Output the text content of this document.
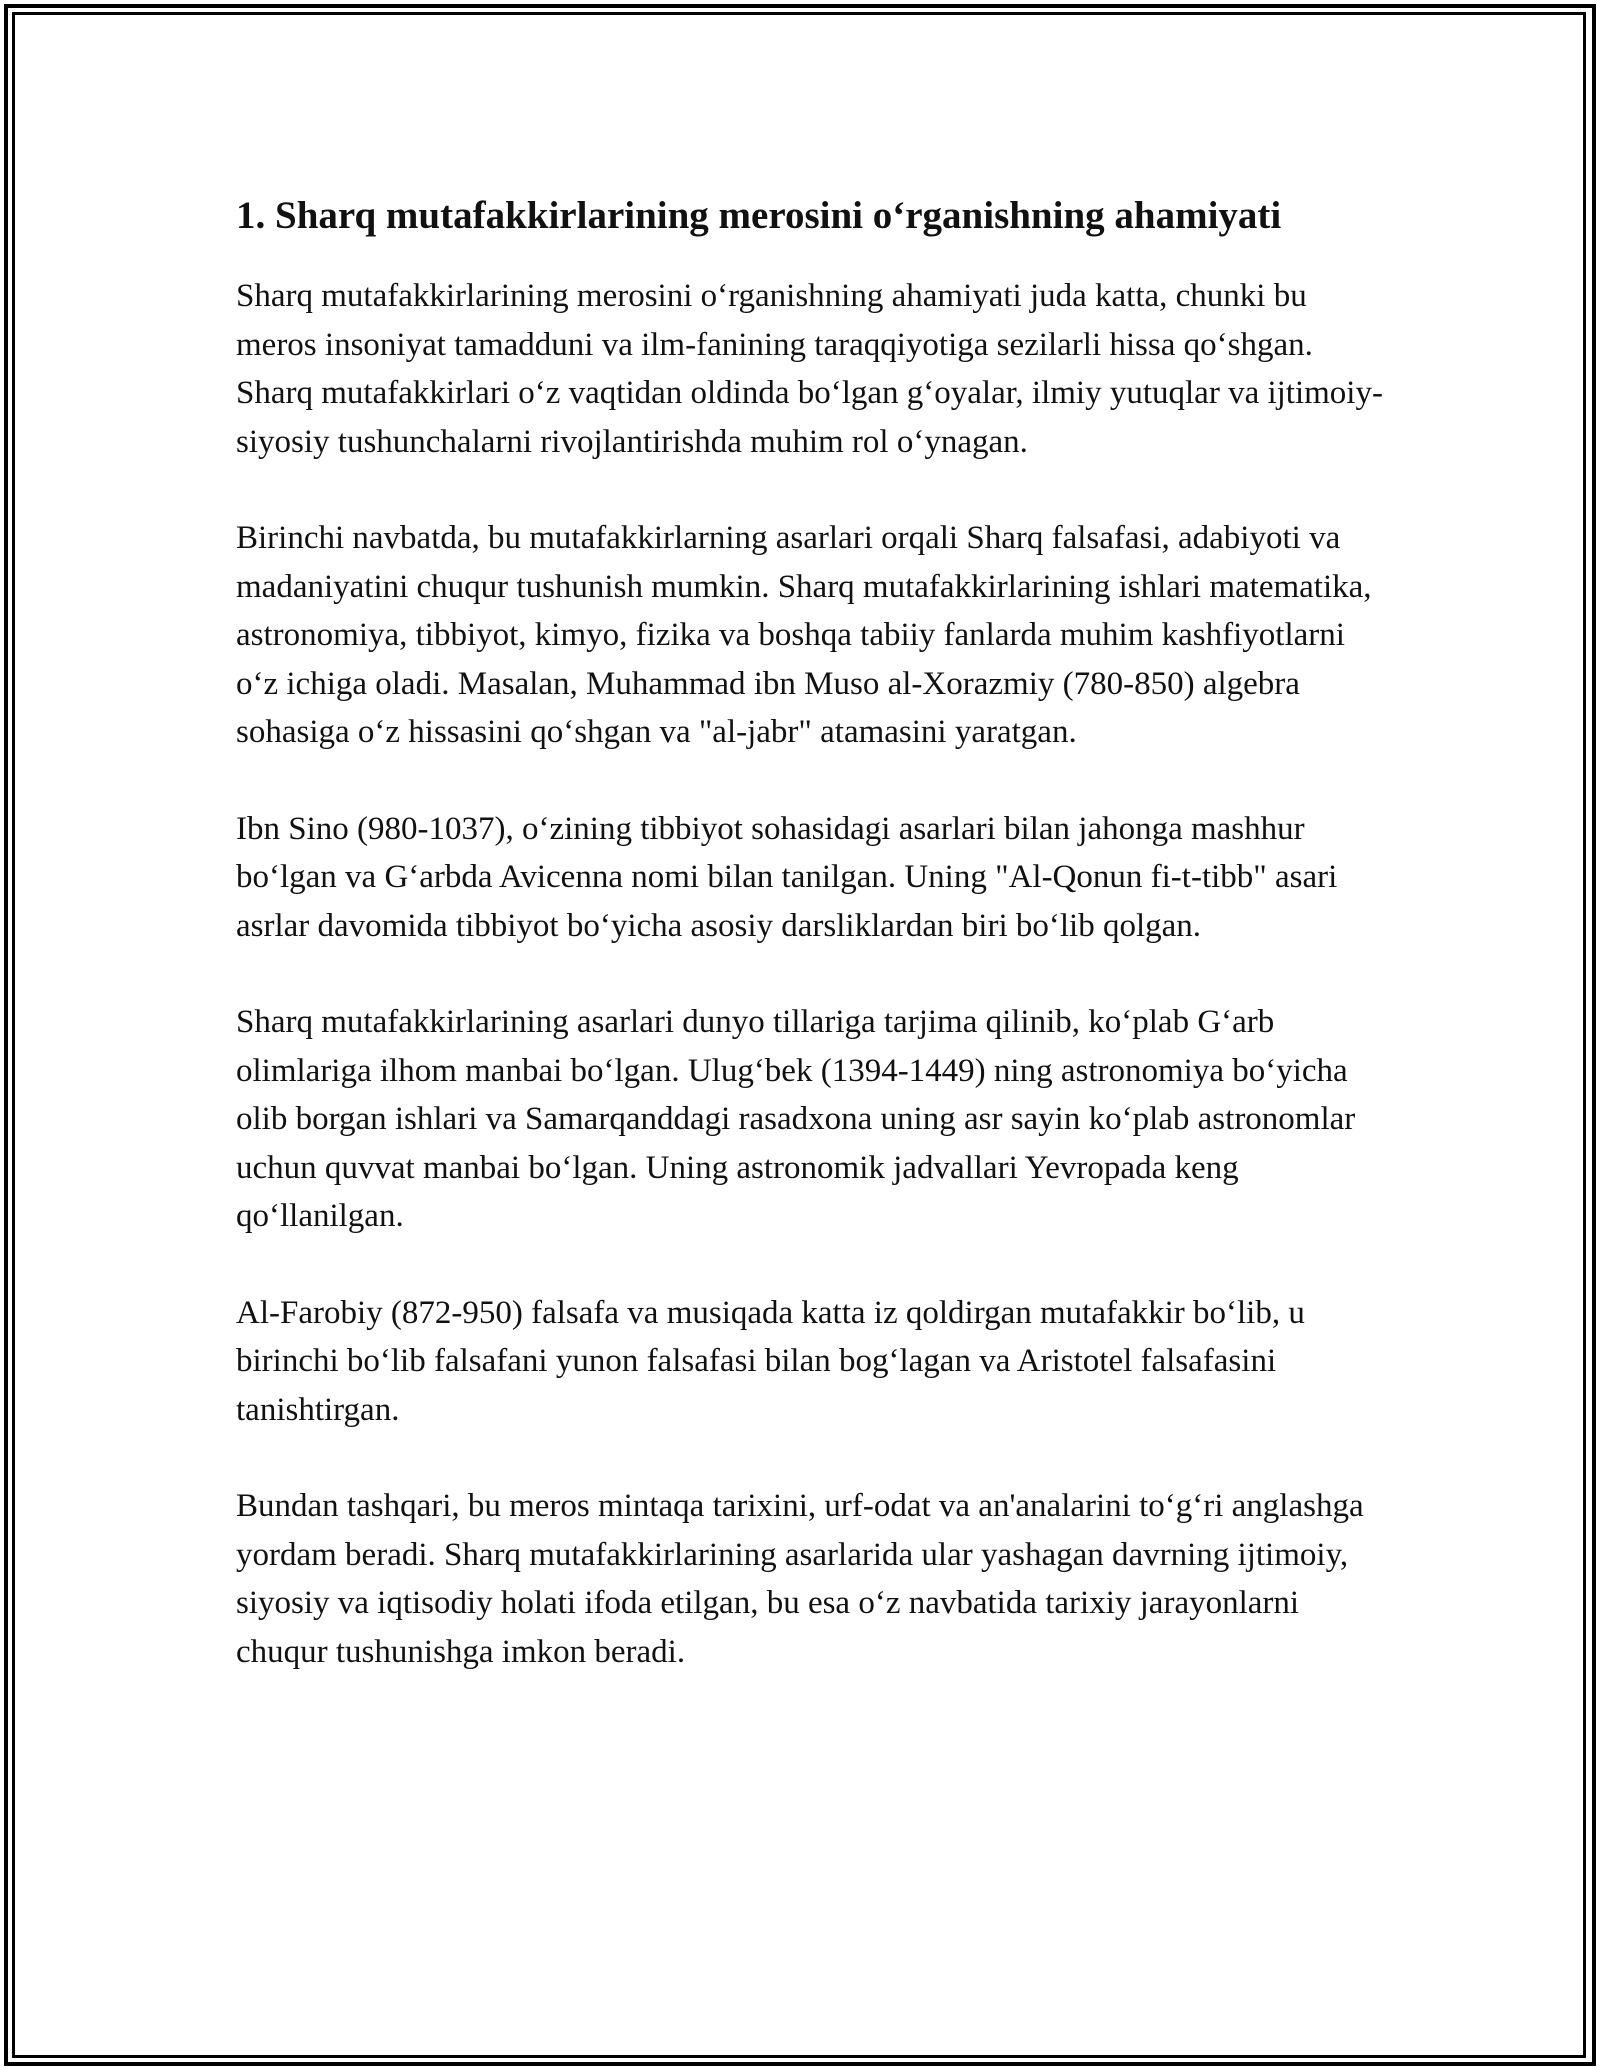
1. Sharq mutafakkirlarining merosini o‘rganishning ahamiyati

Sharq mutafakkirlarining merosini o‘rganishning ahamiyati juda katta, chunki bu meros insoniyat tamadduni va ilm-fanining taraqqiyotiga sezilarli hissa qo‘shgan. Sharq mutafakkirlari o‘z vaqtidan oldinda bo‘lgan g‘oyalar, ilmiy yutuqlar va ijtimoiy-siyosiy tushunchalarni rivojlantirishda muhim rol o‘ynagan.

Birinchi navbatda, bu mutafakkirlarning asarlari orqali Sharq falsafasi, adabiyoti va madaniyatini chuqur tushunish mumkin. Sharq mutafakkirlarining ishlari matematika, astronomiya, tibbiyot, kimyo, fizika va boshqa tabiiy fanlarda muhim kashfiyotlarni o‘z ichiga oladi. Masalan, Muhammad ibn Muso al-Xorazmiy (780-850) algebra sohasiga o‘z hissasini qo‘shgan va "al-jabr" atamasini yaratgan.

Ibn Sino (980-1037), o‘zining tibbiyot sohasidagi asarlari bilan jahonga mashhur bo‘lgan va G‘arbda Avicenna nomi bilan tanilgan. Uning "Al-Qonun fi-t-tibb" asari asrlar davomida tibbiyot bo‘yicha asosiy darsliklardan biri bo‘lib qolgan.

Sharq mutafakkirlarining asarlari dunyo tillariga tarjima qilinib, ko‘plab G‘arb olimlariga ilhom manbai bo‘lgan. Ulug‘bek (1394-1449) ning astronomiya bo‘yicha olib borgan ishlari va Samarqanddagi rasadxona uning asr sayin ko‘plab astronomlar uchun quvvat manbai bo‘lgan. Uning astronomik jadvallari Yevropada keng qo‘llanilgan.

Al-Farobiy (872-950) falsafa va musiqada katta iz qoldirgan mutafakkir bo‘lib, u birinchi bo‘lib falsafani yunon falsafasi bilan bog‘lagan va Aristotel falsafasini tanishtirgan.

Bundan tashqari, bu meros mintaqa tarixini, urf-odat va an'analarini to‘g‘ri anglashga yordam beradi. Sharq mutafakkirlarining asarlarida ular yashagan davrning ijtimoiy, siyosiy va iqtisodiy holati ifoda etilgan, bu esa o‘z navbatida tarixiy jarayonlarni chuqur tushunishga imkon beradi.
